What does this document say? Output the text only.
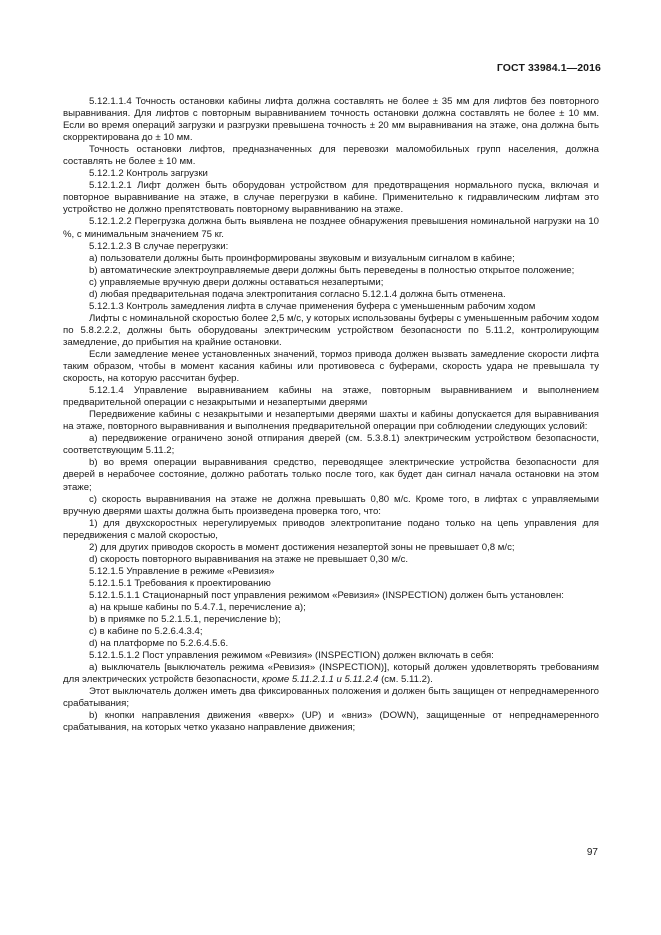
ГОСТ 33984.1—2016

5.12.1.1.4 Точность остановки кабины лифта должна составлять не более ± 35 мм для лифтов без повторного выравнивания. Для лифтов с повторным выравниванием точность остановки должна составлять не более ± 10 мм. Если во время операций загрузки и разгрузки превышена точность ± 20 мм выравнивания на этаже, она должна быть скорректирована до ± 10 мм.

Точность остановки лифтов, предназначенных для перевозки маломобильных групп населения, должна составлять не более ± 10 мм.

5.12.1.2 Контроль загрузки

5.12.1.2.1 Лифт должен быть оборудован устройством для предотвращения нормального пуска, включая и повторное выравнивание на этаже, в случае перегрузки в кабине. Применительно к гидравлическим лифтам это устройство не должно препятствовать повторному выравниванию на этаже.

5.12.1.2.2 Перегрузка должна быть выявлена не позднее обнаружения превышения номинальной нагрузки на 10 %, с минимальным значением 75 кг.

5.12.1.2.3 В случае перегрузки:

a) пользователи должны быть проинформированы звуковым и визуальным сигналом в кабине;

b) автоматические электроуправляемые двери должны быть переведены в полностью открытое положение;

c) управляемые вручную двери должны оставаться незапертыми;

d) любая предварительная подача электропитания согласно 5.12.1.4 должна быть отменена.

5.12.1.3 Контроль замедления лифта в случае применения буфера с уменьшенным рабочим ходом

Лифты с номинальной скоростью более 2,5 м/с, у которых использованы буферы с уменьшенным рабочим ходом по 5.8.2.2.2, должны быть оборудованы электрическим устройством безопасности по 5.11.2, контролирующим замедление, до прибытия на крайние остановки.

Если замедление менее установленных значений, тормоз привода должен вызвать замедление скорости лифта таким образом, чтобы в момент касания кабины или противовеса с буферами, скорость удара не превышала ту скорость, на которую рассчитан буфер.

5.12.1.4 Управление выравниванием кабины на этаже, повторным выравниванием и выполнением предварительной операции с незакрытыми и незапертыми дверями

Передвижение кабины с незакрытыми и незапертыми дверями шахты и кабины допускается для выравнивания на этаже, повторного выравнивания и выполнения предварительной операции при соблюдении следующих условий:

a) передвижение ограничено зоной отпирания дверей (см. 5.3.8.1) электрическим устройством безопасности, соответствующим 5.11.2;

b) во время операции выравнивания средство, переводящее электрические устройства безопасности для дверей в нерабочее состояние, должно работать только после того, как будет дан сигнал начала остановки на этом этаже;

c) скорость выравнивания на этаже не должна превышать 0,80 м/с. Кроме того, в лифтах с управляемыми вручную дверями шахты должна быть произведена проверка того, что:

1) для двухскоростных нерегулируемых приводов электропитание подано только на цепь управления для передвижения с малой скоростью,

2) для других приводов скорость в момент достижения незапертой зоны не превышает 0,8 м/с;

d) скорость повторного выравнивания на этаже не превышает 0,30 м/с.

5.12.1.5 Управление в режиме «Ревизия»

5.12.1.5.1 Требования к проектированию

5.12.1.5.1.1 Стационарный пост управления режимом «Ревизия» (INSPECTION) должен быть установлен:

a) на крыше кабины по 5.4.7.1, перечисление а);

b) в приямке по 5.2.1.5.1, перечисление b);

c) в кабине по 5.2.6.4.3.4;

d) на платформе по 5.2.6.4.5.6.

5.12.1.5.1.2 Пост управления режимом «Ревизия» (INSPECTION) должен включать в себя:

a) выключатель [выключатель режима «Ревизия» (INSPECTION)], который должен удовлетворять требованиям для электрических устройств безопасности, кроме 5.11.2.1.1 и 5.11.2.4 (см. 5.11.2).

Этот выключатель должен иметь два фиксированных положения и должен быть защищен от непреднамеренного срабатывания;

b) кнопки направления движения «вверх» (UP) и «вниз» (DOWN), защищенные от непреднамеренного срабатывания, на которых четко указано направление движения;

97
